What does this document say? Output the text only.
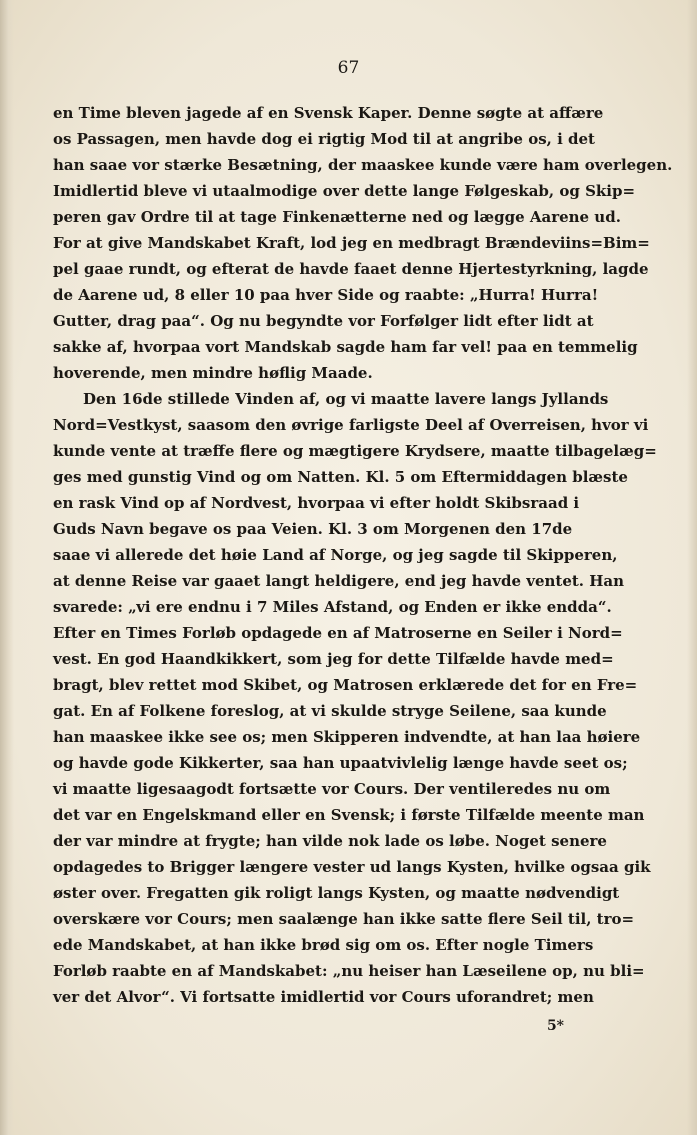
67
en Time bleven jagede af en Svensk Kaper. Denne søgte at affære
os Passagen, men havde dog ei rigtig Mod til at angribe os, i det
han saae vor stærke Besætning, der maaskee kunde være ham overlegen.
Imidlertid bleve vi utaalmodige over dette lange Følgeskab, og Skip=
peren gav Ordre til at tage Finkenætterne ned og lægge Aarene ud.
For at give Mandskabet Kraft, lod jeg en medbragt Brændeviins=Bim=
pel gaae rundt, og efterat de havde faaet denne Hjertestyrkning, lagde
de Aarene ud, 8 eller 10 paa hver Side og raabte: „Hurra! Hurra!
Gutter, drag paa“. Og nu begyndte vor Forfølger lidt efter lidt at
sakke af, hvorpaa vort Mandskab sagde ham far vel! paa en temmelig
hoverende, men mindre høflig Maade.
Den 16de stillede Vinden af, og vi maatte lavere langs Jyllands
Nord=Vestkyst, saasom den øvrige farligste Deel af Overreisen, hvor vi
kunde vente at træffe flere og mægtigere Krydsere, maatte tilbagelæg=
ges med gunstig Vind og om Natten. Kl. 5 om Eftermiddagen blæste
en rask Vind op af Nordvest, hvorpaa vi efter holdt Skibsraad i
Guds Navn begave os paa Veien. Kl. 3 om Morgenen den 17de
saae vi allerede det høie Land af Norge, og jeg sagde til Skipperen,
at denne Reise var gaaet langt heldigere, end jeg havde ventet. Han
svarede: „vi ere endnu i 7 Miles Afstand, og Enden er ikke endda“.
Efter en Times Forløb opdagede en af Matroserne en Seiler i Nord=
vest. En god Haandkikkert, som jeg for dette Tilfælde havde med=
bragt, blev rettet mod Skibet, og Matrosen erklærede det for en Fre=
gat. En af Folkene foreslog, at vi skulde stryge Seilene, saa kunde
han maaskee ikke see os; men Skipperen indvendte, at han laa høiere
og havde gode Kikkerter, saa han upaatvivlelig længe havde seet os;
vi maatte ligesaagodt fortsætte vor Cours. Der ventileredes nu om
det var en Engelskmand eller en Svensk; i første Tilfælde meente man
der var mindre at frygte; han vilde nok lade os løbe. Noget senere
opdagedes to Brigger længere vester ud langs Kysten, hvilke ogsaa gik
øster over. Fregatten gik roligt langs Kysten, og maatte nødvendigt
overskære vor Cours; men saalænge han ikke satte flere Seil til, tro=
ede Mandskabet, at han ikke brød sig om os. Efter nogle Timers
Forløb raabte en af Mandskabet: „nu heiser han Læseilene op, nu bli=
ver det Alvor“. Vi fortsatte imidlertid vor Cours uforandret; men
5*
